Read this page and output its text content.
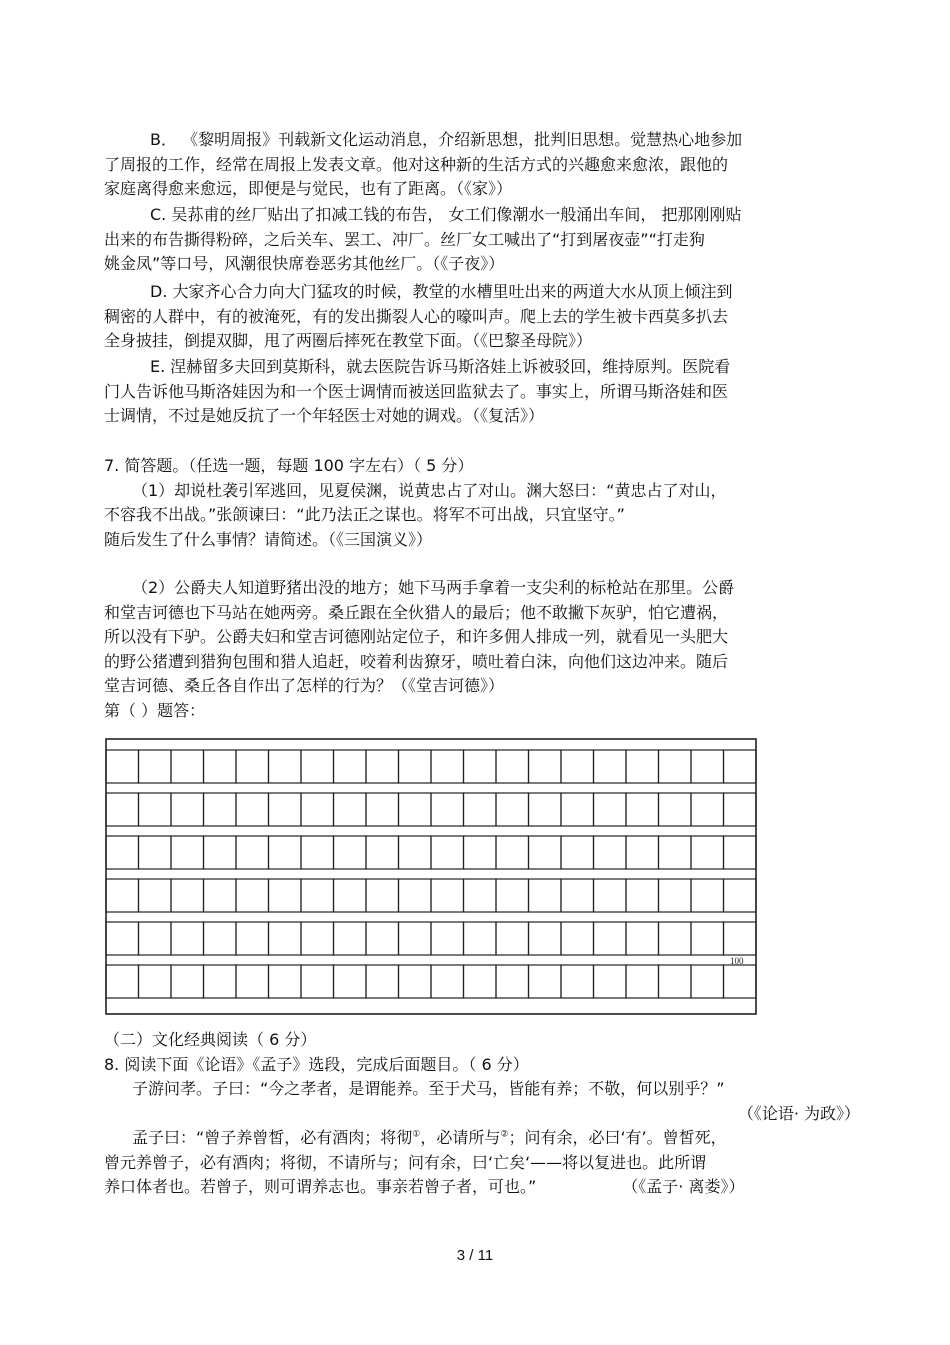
B． 《黎明周报》刊载新文化运动消息，介绍新思想，批判旧思想。觉慧热心地参加

了周报的工作，经常在周报上发表文章。他对这种新的生活方式的兴趣愈来愈浓，跟他的

家庭离得愈来愈远，即便是与觉民，也有了距离。（《家》）

C. 吴荪甫的丝厂贴出了扣减工钱的布告， 女工们像潮水一般涌出车间， 把那刚刚贴

出来的布告撕得粉碎，之后关车、罢工、冲厂。丝厂女工喊出了“打到屠夜壶”“打走狗

姚金凤”等口号，风潮很快席卷恶劣其他丝厂。（《子夜》）

D. 大家齐心合力向大门猛攻的时候，教堂的水槽里吐出来的两道大水从顶上倾注到

稠密的人群中，有的被淹死，有的发出撕裂人心的嚎叫声。爬上去的学生被卡西莫多扒去

全身披挂，倒提双脚，甩了两圈后摔死在教堂下面。（《巴黎圣母院》）

E. 涅赫留多夫回到莫斯科，就去医院告诉马斯洛娃上诉被驳回，维持原判。医院看

门人告诉他马斯洛娃因为和一个医士调情而被送回监狱去了。事实上，所谓马斯洛娃和医

士调情，不过是她反抗了一个年轻医士对她的调戏。（《复活》）

7. 简答题。（任选一题，每题 100 字左右）（ 5 分）

（1）却说杜袭引军逃回，见夏侯渊，说黄忠占了对山。渊大怒曰：“黄忠占了对山，

不容我不出战。”张颌谏曰：“此乃法正之谋也。将军不可出战，只宜坚守。”

随后发生了什么事情？请简述。（《三国演义》）

（2）公爵夫人知道野猪出没的地方；她下马两手拿着一支尖利的标枪站在那里。公爵

和堂吉诃德也下马站在她两旁。桑丘跟在全伙猎人的最后；他不敢撇下灰驴，怕它遭祸，

所以没有下驴。公爵夫妇和堂吉诃德刚站定位子，和许多佣人排成一列，就看见一头肥大

的野公猪遭到猎狗包围和猎人追赶，咬着利齿獠牙，喷吐着白沫，向他们这边冲来。随后

堂吉诃德、桑丘各自作出了怎样的行为？（《堂吉诃德》）

第（ ）题答：

100

（二）文化经典阅读（ 6 分）

8. 阅读下面《论语》《孟子》选段，完成后面题目。（ 6 分）

子游问孝。子曰：“今之孝者，是谓能养。至于犬马，皆能有养；不敬，何以别乎？”

（《论语· 为政》）

孟子曰：“曾子养曾皙，必有酒肉；将彻①，必请所与②；问有余，必曰‘有’。曾皙死，

曾元养曾子，必有酒肉；将彻，不请所与；问有余，曰‘亡矣‘——将以复进也。此所谓

养口体者也。若曾子，则可谓养志也。事亲若曾子者，可也。”	（《孟子· 离娄》）

3 / 11
